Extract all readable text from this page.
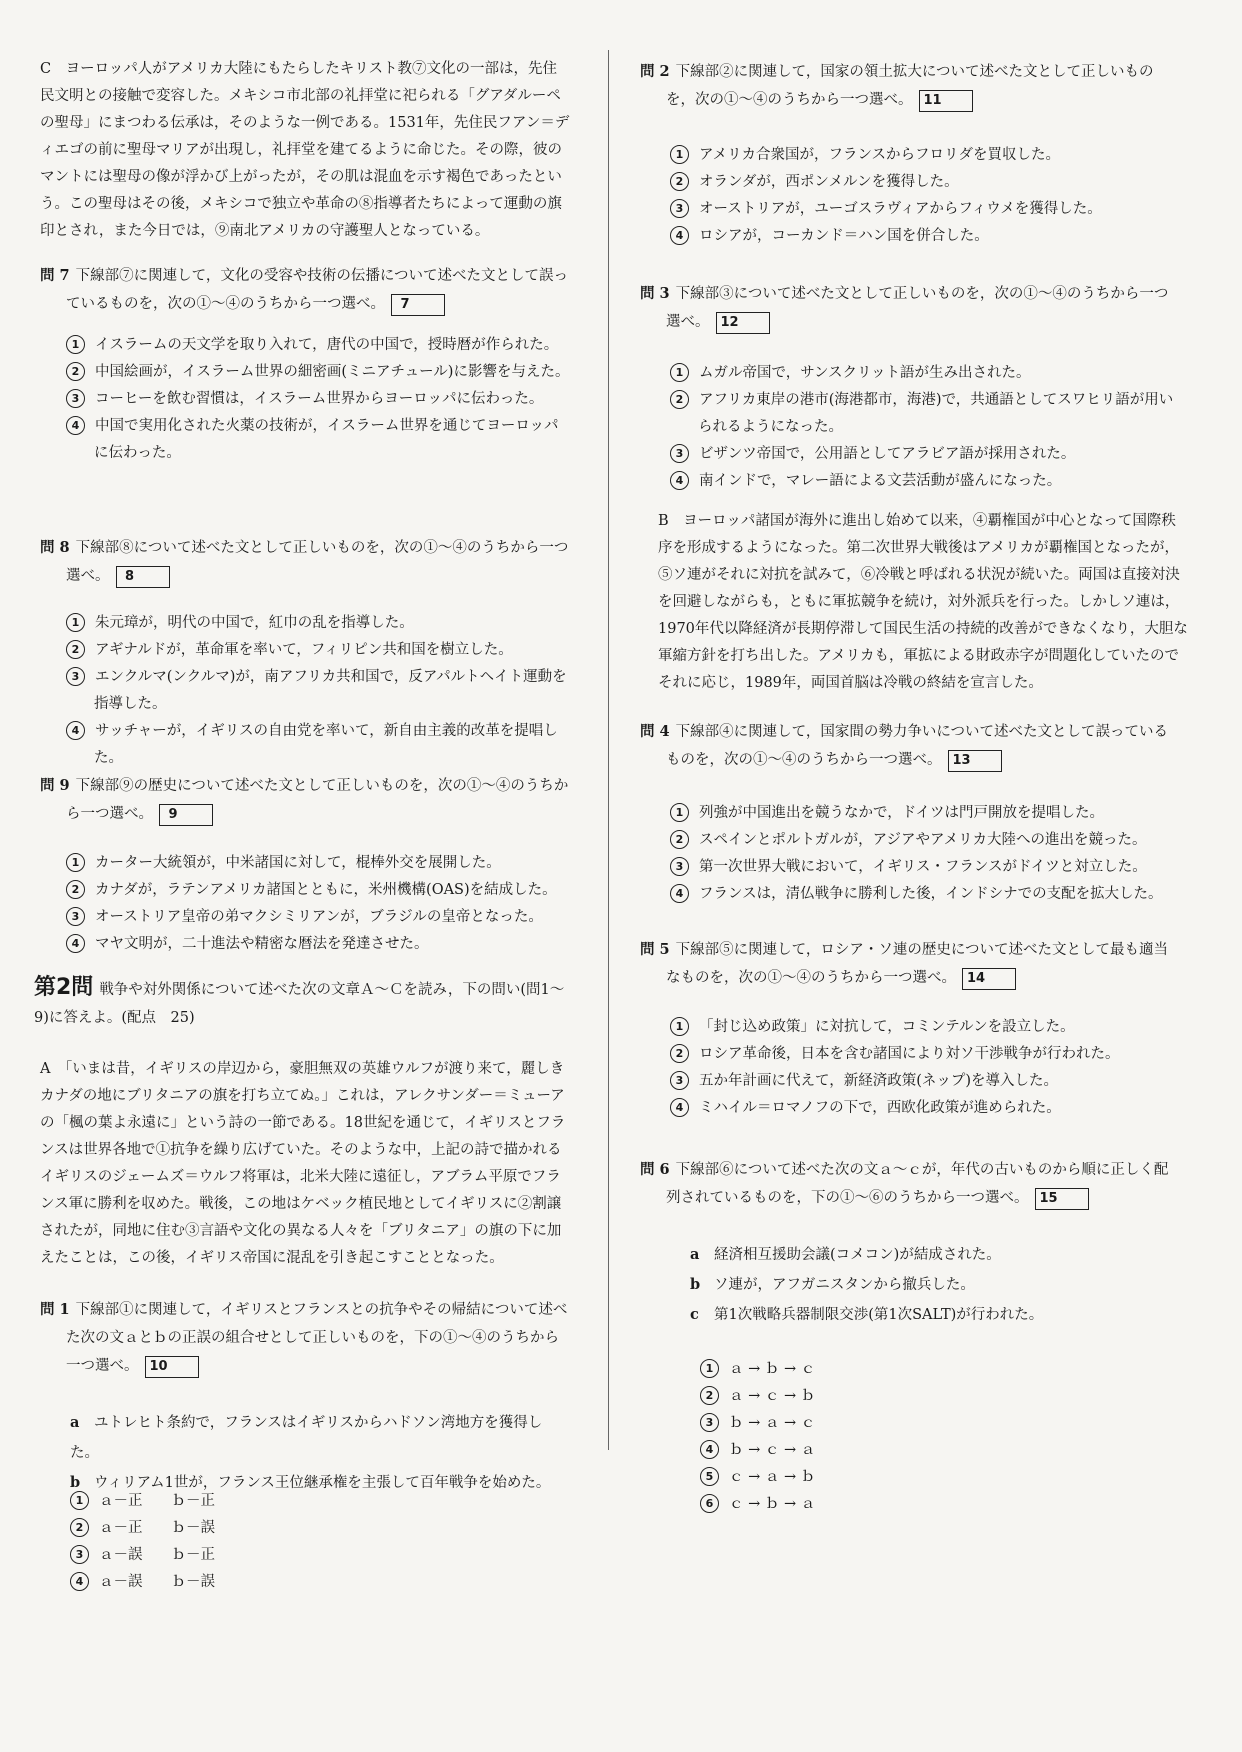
C　ヨーロッパ人がアメリカ大陸にもたらしたキリスト教⑦文化の一部は，先住民文明との接触で変容した。メキシコ市北部の礼拝堂に祀られる「グアダルーペの聖母」にまつわる伝承は，そのような一例である。1531年，先住民フアン＝ディエゴの前に聖母マリアが出現し，礼拝堂を建てるように命じた。その際，彼のマントには聖母の像が浮かび上がったが，その肌は混血を示す褐色であったという。この聖母はその後，メキシコで独立や革命の⑧指導者たちによって運動の旗印とされ，また今日では，⑨南北アメリカの守護聖人となっている。

問 7 下線部⑦に関連して，文化の受容や技術の伝播について述べた文として誤っているものを，次の①～④のうちから一つ選べ。 7

1 イスラームの天文学を取り入れて，唐代の中国で，授時暦が作られた。
2 中国絵画が，イスラーム世界の細密画(ミニアチュール)に影響を与えた。
3 コーヒーを飲む習慣は，イスラーム世界からヨーロッパに伝わった。
4 中国で実用化された火薬の技術が，イスラーム世界を通じてヨーロッパに伝わった。

問 8 下線部⑧について述べた文として正しいものを，次の①～④のうちから一つ選べ。 8

1 朱元璋が，明代の中国で，紅巾の乱を指導した。
2 アギナルドが，革命軍を率いて，フィリピン共和国を樹立した。
3 エンクルマ(ンクルマ)が，南アフリカ共和国で，反アパルトヘイト運動を指導した。
4 サッチャーが，イギリスの自由党を率いて，新自由主義的改革を提唱した。

問 9 下線部⑨の歴史について述べた文として正しいものを，次の①～④のうちから一つ選べ。 9

1 カーター大統領が，中米諸国に対して，棍棒外交を展開した。
2 カナダが，ラテンアメリカ諸国とともに，米州機構(OAS)を結成した。
3 オーストリア皇帝の弟マクシミリアンが，ブラジルの皇帝となった。
4 マヤ文明が，二十進法や精密な暦法を発達させた。
第2問 戦争や対外関係について述べた次の文章Ａ～Ｃを読み，下の問い(問1～9)に答えよ。(配点　25)

A　「いまは昔，イギリスの岸辺から，豪胆無双の英雄ウルフが渡り来て，麗しきカナダの地にブリタニアの旗を打ち立てぬ。」これは，アレクサンダー＝ミューアの「楓の葉よ永遠に」という詩の一節である。18世紀を通じて，イギリスとフランスは世界各地で①抗争を繰り広げていた。そのような中，上記の詩で描かれるイギリスのジェームズ＝ウルフ将軍は，北米大陸に遠征し，アブラム平原でフランス軍に勝利を収めた。戦後，この地はケベック植民地としてイギリスに②割譲されたが，同地に住む③言語や文化の異なる人々を「ブリタニア」の旗の下に加えたことは，この後，イギリス帝国に混乱を引き起こすこととなった。

問 1 下線部①に関連して，イギリスとフランスとの抗争やその帰結について述べた次の文ａとｂの正誤の組合せとして正しいものを，下の①～④のうちから一つ選べ。 10

a ユトレヒト条約で，フランスはイギリスからハドソン湾地方を獲得した。

b ウィリアム1世が，フランス王位継承権を主張して百年戦争を始めた。

1 ａ－正　　ｂ－正
2 ａ－正　　ｂ－誤
3 ａ－誤　　ｂ－正
4 ａ－誤　　ｂ－誤

問 2 下線部②に関連して，国家の領土拡大について述べた文として正しいものを，次の①～④のうちから一つ選べ。 11

1 アメリカ合衆国が，フランスからフロリダを買収した。
2 オランダが，西ポンメルンを獲得した。
3 オーストリアが，ユーゴスラヴィアからフィウメを獲得した。
4 ロシアが，コーカンド＝ハン国を併合した。

問 3 下線部③について述べた文として正しいものを，次の①～④のうちから一つ選べ。 12

1 ムガル帝国で，サンスクリット語が生み出された。
2 アフリカ東岸の港市(海港都市，海港)で，共通語としてスワヒリ語が用いられるようになった。
3 ビザンツ帝国で，公用語としてアラビア語が採用された。
4 南インドで，マレー語による文芸活動が盛んになった。

B　ヨーロッパ諸国が海外に進出し始めて以来，④覇権国が中心となって国際秩序を形成するようになった。第二次世界大戦後はアメリカが覇権国となったが，⑤ソ連がそれに対抗を試みて，⑥冷戦と呼ばれる状況が続いた。両国は直接対決を回避しながらも，ともに軍拡競争を続け，対外派兵を行った。しかしソ連は，1970年代以降経済が長期停滞して国民生活の持続的改善ができなくなり，大胆な軍縮方針を打ち出した。アメリカも，軍拡による財政赤字が問題化していたのでそれに応じ，1989年，両国首脳は冷戦の終結を宣言した。

問 4 下線部④に関連して，国家間の勢力争いについて述べた文として誤っているものを，次の①～④のうちから一つ選べ。 13

1 列強が中国進出を競うなかで，ドイツは門戸開放を提唱した。
2 スペインとポルトガルが，アジアやアメリカ大陸への進出を競った。
3 第一次世界大戦において，イギリス・フランスがドイツと対立した。
4 フランスは，清仏戦争に勝利した後，インドシナでの支配を拡大した。

問 5 下線部⑤に関連して，ロシア・ソ連の歴史について述べた文として最も適当なものを，次の①～④のうちから一つ選べ。 14

1 「封じ込め政策」に対抗して，コミンテルンを設立した。
2 ロシア革命後，日本を含む諸国により対ソ干渉戦争が行われた。
3 五か年計画に代えて，新経済政策(ネップ)を導入した。
4 ミハイル＝ロマノフの下で，西欧化政策が進められた。

問 6 下線部⑥について述べた次の文ａ～ｃが，年代の古いものから順に正しく配列されているものを，下の①～⑥のうちから一つ選べ。 15

a 経済相互援助会議(コメコン)が結成された。

b ソ連が，アフガニスタンから撤兵した。

c 第1次戦略兵器制限交渉(第1次SALT)が行われた。

1 ａ → ｂ → ｃ
2 ａ → ｃ → ｂ
3 ｂ → ａ → ｃ
4 ｂ → ｃ → ａ
5 ｃ → ａ → ｂ
6 ｃ → ｂ → ａ
